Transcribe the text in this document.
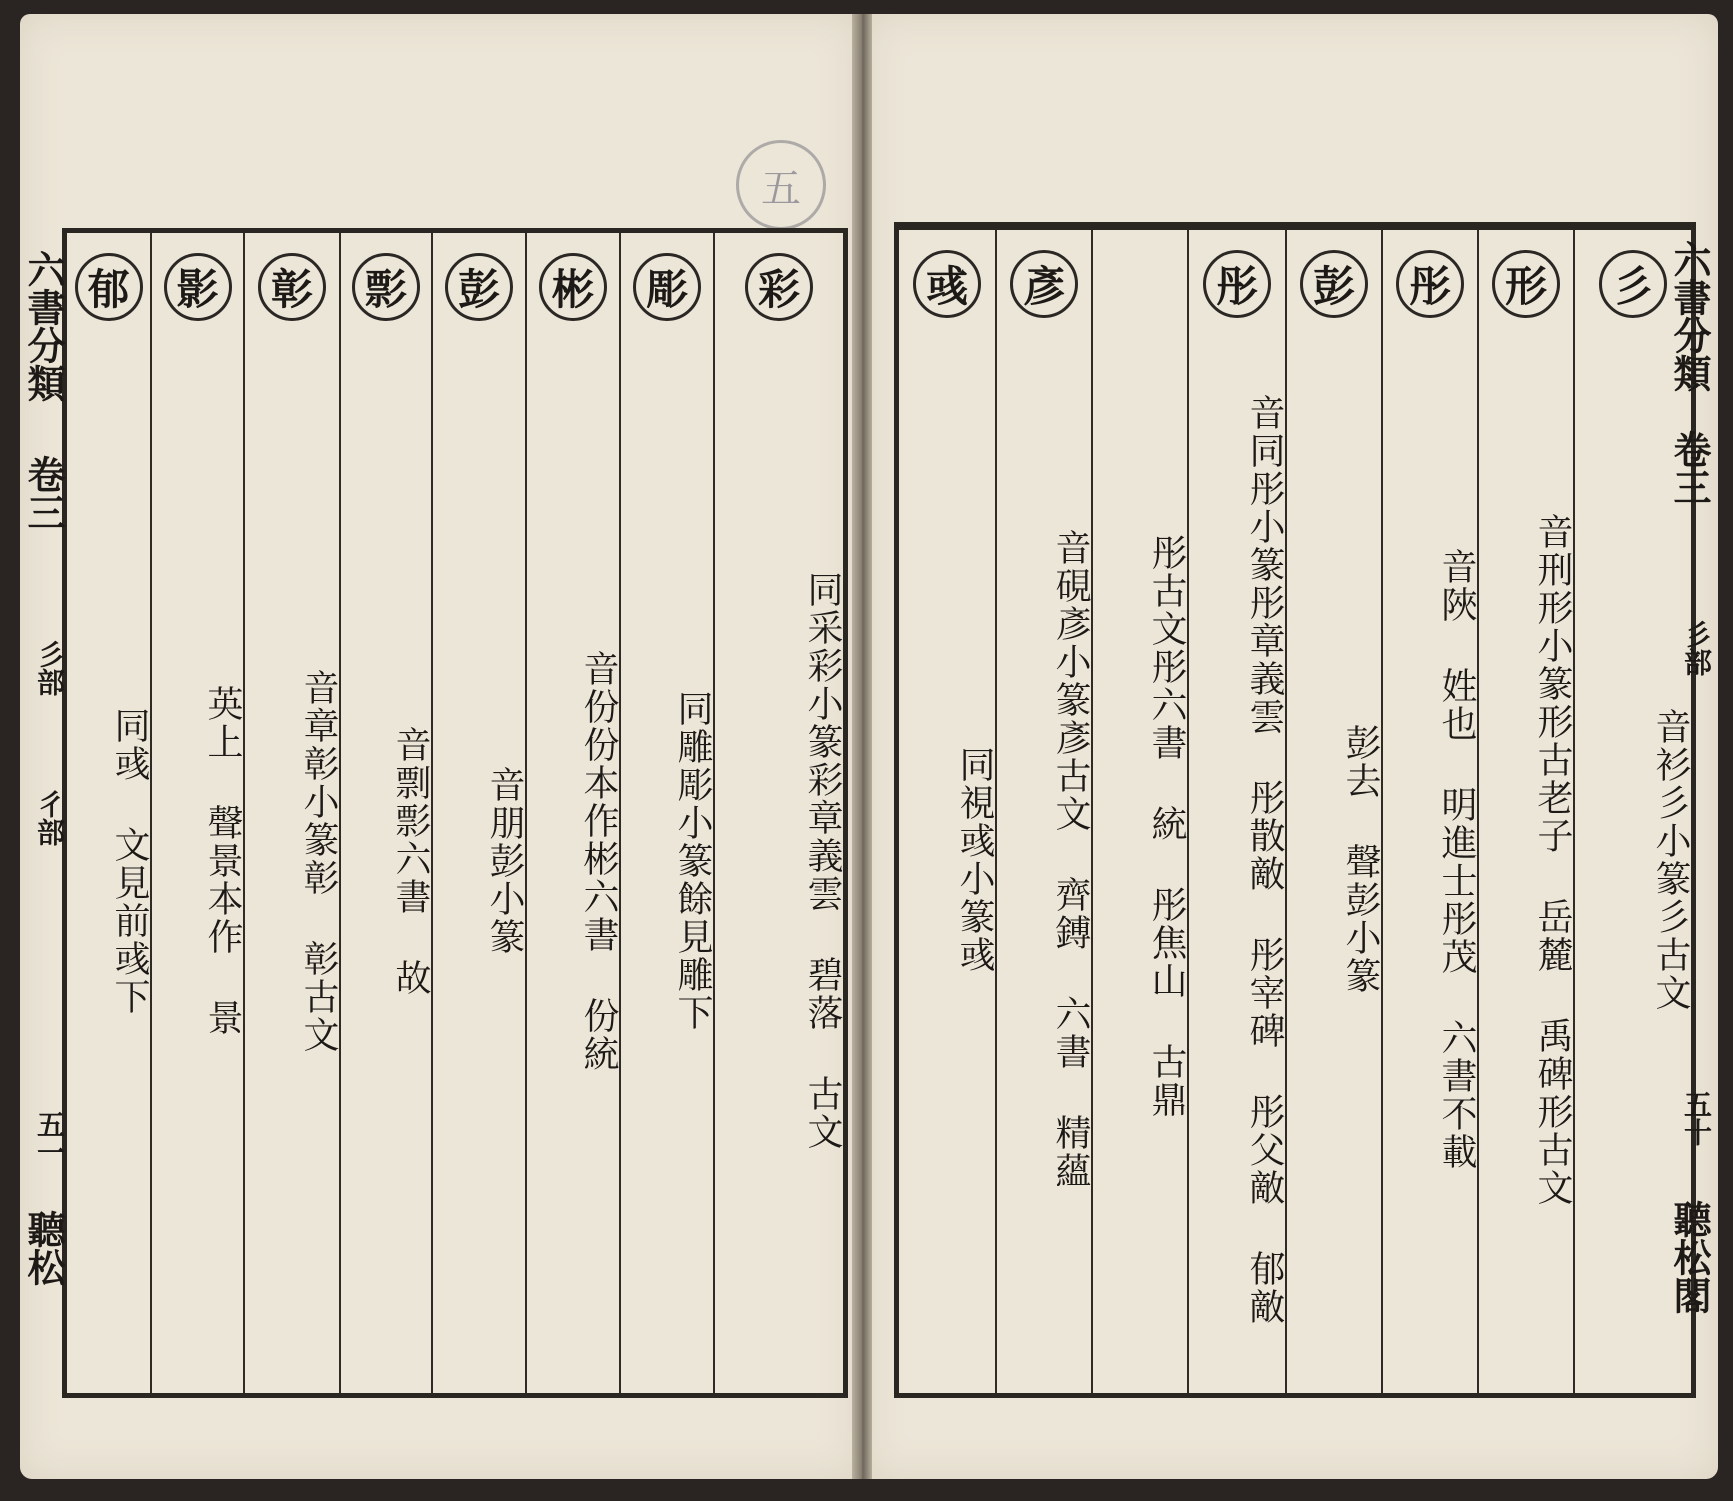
五

郁
同彧 文見前彧下
影
英上 聲景本作 景
彰
音章彰小篆彰 彰古文
彯
音剽彯六書 故
彭
音朋彭小篆
彬
音份份本作彬六書 份統
彫
同雕彫小篆餘見雕下
彩
同采彩小篆彩章義雲 碧落 古文
六書分類
卷三
彡部
彳部
五一
聽松
彧
同視彧小篆彧
彥
音硯彥小篆彥古文 齊鎛 六書 精蘊	彤古文彤六書 統 彤焦山 古鼎
彤
音同彤小篆彤章義雲 彤散敵 彤宰碑 彤父敵 郁敵
彭
彭去 聲彭小篆
彤
音陜 姓也 明進士彤茂 六書不載
形
音刑形小篆形古老子 岳麓 禹碑形古文
彡
音衫彡小篆彡古文
六書分類
卷三
彡部
五十
聽松閣
